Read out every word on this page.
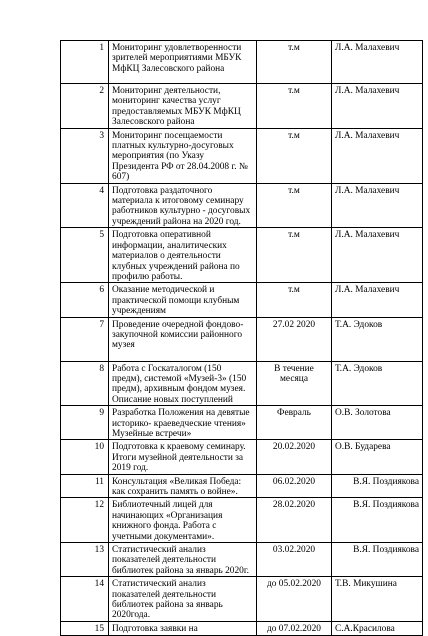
1	Мониторинг удовлетворенности зрителей мероприятиями МБУК МфКЦ Залесовского района	т.м	Л.А. Малахевич
2	Мониторинг деятельности, мониторинг качества услуг предоставляемых МБУК МфКЦ Залесовского района	т.м	Л.А. Малахевич
3	Мониторинг посещаемости платных культурно-досуговых мероприятия (по Указу Президента РФ от 28.04.2008 г. № 607)	т.м	Л.А. Малахевич
4	Подготовка раздаточного материала к итоговому семинару работников культурно - досуговых учреждений района на 2020 год.	т.м	Л.А. Малахевич
5	Подготовка оперативной информации, аналитических материалов о деятельности клубных учреждений района по профилю работы.	т.м	Л.А. Малахевич
6	Оказание методической и практической помощи клубным учреждениям	т.м	Л.А. Малахевич
7	Проведение очередной фондово-закупочной комиссии районного музея	27.02 2020	Т.А. Эдоков
8	Работа с Госкаталогом (150 предм), системой «Музей-3» (150 предм), архивным фондом музея. Описание новых поступлений	В течение месяца	Т.А. Эдоков
9	Разработка Положения на девятые историко- краеведческие чтения» Музейные встречи»	Февраль	О.В. Золотова
10	Подготовка к краевому семинару. Итоги музейной деятельности за 2019 год.	20.02.2020	О.В. Бударева
11	Консультация «Великая Победа: как сохранить память о войне».	06.02.2020	В.Я. Поздиякова
12	Библиотечный лицей для начинающих «Организация книжного фонда. Работа с учетными документами».	28.02.2020	В.Я. Поздиякова
13	Статистический анализ показателей деятельности библиотек района за январь 2020г.	03.02.2020	В.Я. Поздиякова
14	Статистический анализ показателей деятельности библиотек района за январь 2020года.	до 05.02.2020	Т.В. Микушина
15	Подготовка заявки на	до 07.02.2020	С.А.Красилова
